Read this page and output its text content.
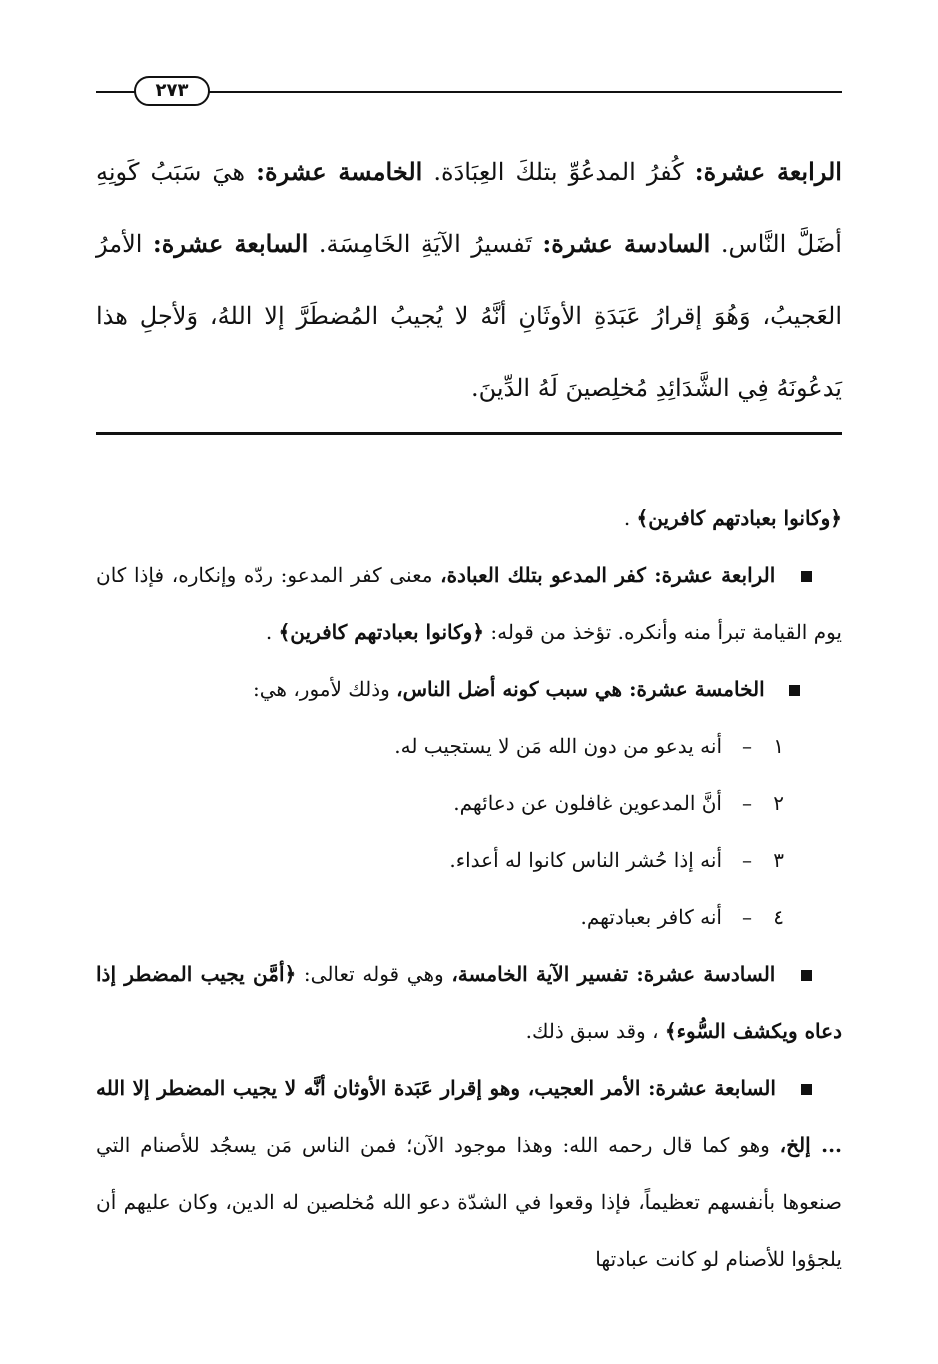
٢٧٣

الرابعة عشرة: كُفرُ المدعُوِّ بتلكَ العِبَادَة. الخامسة عشرة: هيَ سَبَبُ كَونِهِ أضَلَّ النَّاس. السادسة عشرة: تَفسيرُ الآيَةِ الخَامِسَة. السابعة عشرة: الأمرُ العَجيبُ، وَهُوَ إقرارُ عَبَدَةِ الأوثَانِ أنَّهُ لا يُجيبُ المُضطَرَّ إلا اللهُ، وَلأجلِ هذا يَدعُونَهُ فِي الشَّدَائِدِ مُخلِصينَ لَهُ الدِّينَ.

﴿وكانوا بعبادتهم كافرين﴾ .

الرابعة عشرة: كفر المدعو بتلك العبادة، معنى كفر المدعو: ردّه وإنكاره، فإذا كان يوم القيامة تبرأ منه وأنكره. تؤخذ من قوله: ﴿وكانوا بعبادتهم كافرين﴾ .

الخامسة عشرة: هي سبب كونه أضل الناس، وذلك لأمور، هي:

١
–
أنه يدعو من دون الله مَن لا يستجيب له.
٢
–
أنَّ المدعوين غافلون عن دعائهم.
٣
–
أنه إذا حُشر الناس كانوا له أعداء.
٤
–
أنه كافر بعبادتهم.

السادسة عشرة: تفسير الآية الخامسة، وهي قوله تعالى: ﴿أمَّن يجيب المضطر إذا دعاه ويكشف السُّوء﴾ ، وقد سبق ذلك.

السابعة عشرة: الأمر العجيب، وهو إقرار عَبَدة الأوثان أنَّه لا يجيب المضطر إلا الله ... إلخ، وهو كما قال رحمه الله: وهذا موجود الآن؛ فمن الناس مَن يسجُد للأصنام التي صنعوها بأنفسهم تعظيماً، فإذا وقعوا في الشدّة دعو الله مُخلصين له الدين، وكان عليهم أن يلجؤوا للأصنام لو كانت عبادتها
